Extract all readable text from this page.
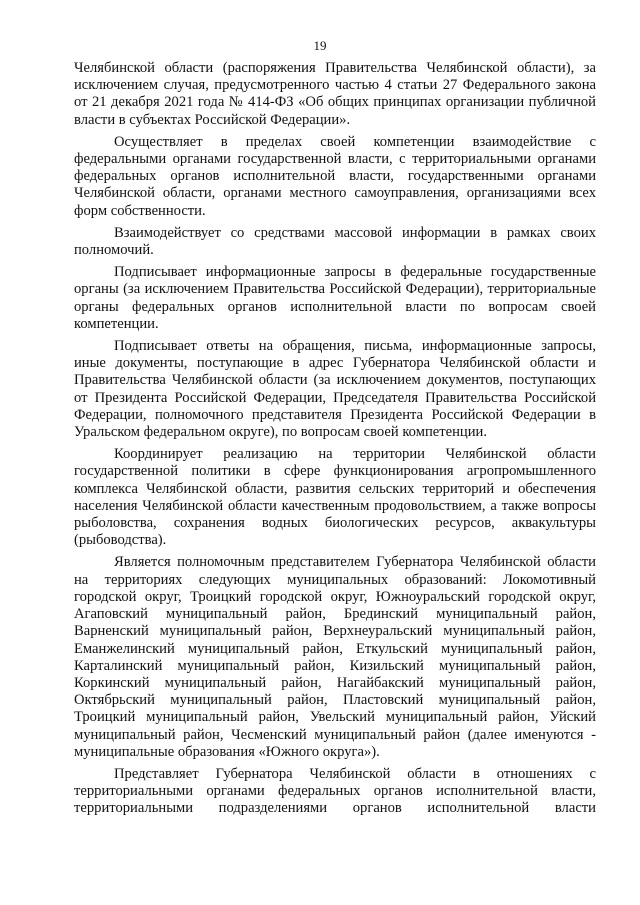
19

Челябинской области (распоряжения Правительства Челябинской области), за исключением случая, предусмотренного частью 4 статьи 27 Федерального закона от 21 декабря 2021 года № 414-ФЗ «Об общих принципах организации публичной власти в субъектах Российской Федерации».

Осуществляет в пределах своей компетенции взаимодействие с федеральными органами государственной власти, с территориальными органами федеральных органов исполнительной власти, государственными органами Челябинской области, органами местного самоуправления, организациями всех форм собственности.

Взаимодействует со средствами массовой информации в рамках своих полномочий.

Подписывает информационные запросы в федеральные государственные органы (за исключением Правительства Российской Федерации), территориальные органы федеральных органов исполнительной власти по вопросам своей компетенции.

Подписывает ответы на обращения, письма, информационные запросы, иные документы, поступающие в адрес Губернатора Челябинской области и Правительства Челябинской области (за исключением документов, поступающих от Президента Российской Федерации, Председателя Правительства Российской Федерации, полномочного представителя Президента Российской Федерации в Уральском федеральном округе), по вопросам своей компетенции.

Координирует реализацию на территории Челябинской области государственной политики в сфере функционирования агропромышленного комплекса Челябинской области, развития сельских территорий и обеспечения населения Челябинской области качественным продовольствием, а также вопросы рыболовства, сохранения водных биологических ресурсов, аквакультуры (рыбоводства).

Является полномочным представителем Губернатора Челябинской области на территориях следующих муниципальных образований: Локомотивный городской округ, Троицкий городской округ, Южноуральский городской округ, Агаповский муниципальный район, Брединский муниципальный район, Варненский муниципальный район, Верхнеуральский муниципальный район, Еманжелинский муниципальный район, Еткульский муниципальный район, Карталинский муниципальный район, Кизильский муниципальный район, Коркинский муниципальный район, Нагайбакский муниципальный район, Октябрьский муниципальный район, Пластовский муниципальный район, Троицкий муниципальный район, Увельский муниципальный район, Уйский муниципальный район, Чесменский муниципальный район (далее именуются - муниципальные образования «Южного округа»).

Представляет Губернатора Челябинской области в отношениях с территориальными органами федеральных органов исполнительной власти, территориальными подразделениями органов исполнительной власти
